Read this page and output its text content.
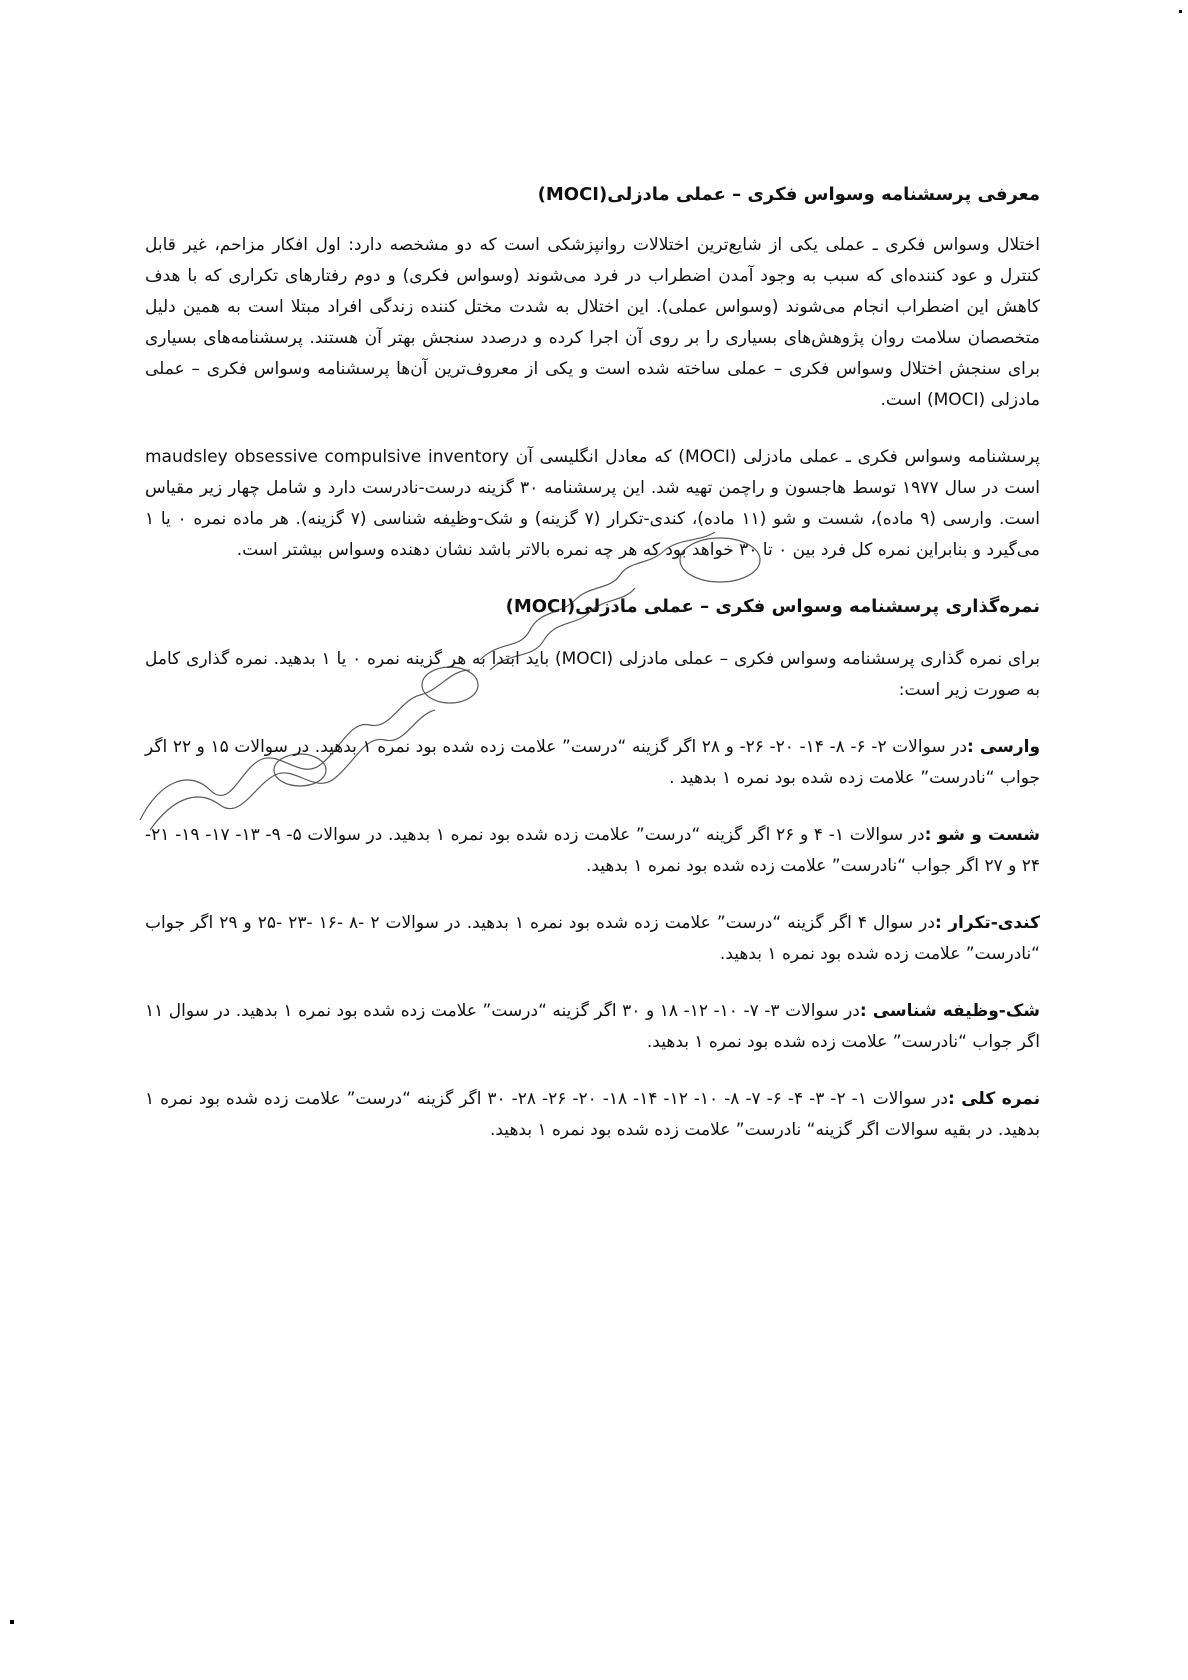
معرفی پرسشنامه وسواس فکری – عملی مادزلی(MOCI)

اختلال وسواس فکری ـ عملی یکی از شایع‌ترین اختلالات روانپزشکی است که دو مشخصه دارد: اول افکار مزاحم، غیر قابل کنترل و عود کننده‌ای که سبب به وجود آمدن اضطراب در فرد می‌شوند (وسواس فکری) و دوم رفتارهای تکراری که با هدف کاهش این اضطراب انجام می‌شوند (وسواس عملی). این اختلال به شدت مختل کننده زندگی افراد مبتلا است به همین دلیل متخصصان سلامت روان پژوهش‌های بسیاری را بر روی آن اجرا کرده و درصدد سنجش بهتر آن هستند. پرسشنامه‌های بسیاری برای سنجش اختلال وسواس فکری – عملی ساخته شده است و یکی از معروف‌ترین آن‌ها پرسشنامه وسواس فکری – عملی مادزلی (MOCI) است.

پرسشنامه وسواس فکری ـ عملی مادزلی (MOCI) که معادل انگلیسی آن maudsley obsessive compulsive inventory است در سال ۱۹۷۷ توسط هاجسون و راچمن تهیه شد. این پرسشنامه ۳۰ گزینه درست-نادرست دارد و شامل چهار زیر مقیاس است. وارسی (۹ ماده)، شست و شو (۱۱ ماده)، کندی-تکرار (۷ گزینه) و شک-وظیفه شناسی (۷ گزینه). هر ماده نمره ۰ یا ۱ می‌گیرد و بنابراین نمره کل فرد بین ۰ تا ۳۰ خواهد بود که هر چه نمره بالاتر باشد نشان دهنده وسواس بیشتر است.

نمره‌گذاری پرسشنامه وسواس فکری – عملی مادزلی(MOCI)

برای نمره گذاری پرسشنامه وسواس فکری – عملی مادزلی (MOCI) باید ابتدا به هر گزینه نمره ۰ یا ۱ بدهید. نمره گذاری کامل به صورت زیر است:

وارسی :در سوالات ۲- ۶- ۸- ۱۴- ۲۰- ۲۶- و ۲۸ اگر گزینه “درست” علامت زده شده بود نمره ۱ بدهید. در سوالات ۱۵ و ۲۲ اگر جواب “نادرست” علامت زده شده بود نمره ۱ بدهید .

شست و شو :در سوالات ۱- ۴ و ۲۶ اگر گزینه “درست” علامت زده شده بود نمره ۱ بدهید. در سوالات ۵- ۹- ۱۳- ۱۷- ۱۹- ۲۱- ۲۴ و ۲۷ اگر جواب “نادرست” علامت زده شده بود نمره ۱ بدهید.

کندی-تکرار :در سوال ۴ اگر گزینه “درست” علامت زده شده بود نمره ۱ بدهید. در سوالات ۲ -۸ -۱۶ -۲۳ -۲۵ و ۲۹ اگر جواب “نادرست” علامت زده شده بود نمره ۱ بدهید.

شک-وظیفه شناسی :در سوالات ۳- ۷- ۱۰- ۱۲- ۱۸ و ۳۰ اگر گزینه “درست” علامت زده شده بود نمره ۱ بدهید. در سوال ۱۱ اگر جواب “نادرست” علامت زده شده بود نمره ۱ بدهید.

نمره کلی :در سوالات ۱- ۲- ۳- ۴- ۶- ۷- ۸- ۱۰- ۱۲- ۱۴- ۱۸- ۲۰- ۲۶- ۲۸- ۳۰ اگر گزینه “درست” علامت زده شده بود نمره ۱ بدهید. در بقیه سوالات اگر گزینه“ نادرست” علامت زده شده بود نمره ۱ بدهید.
